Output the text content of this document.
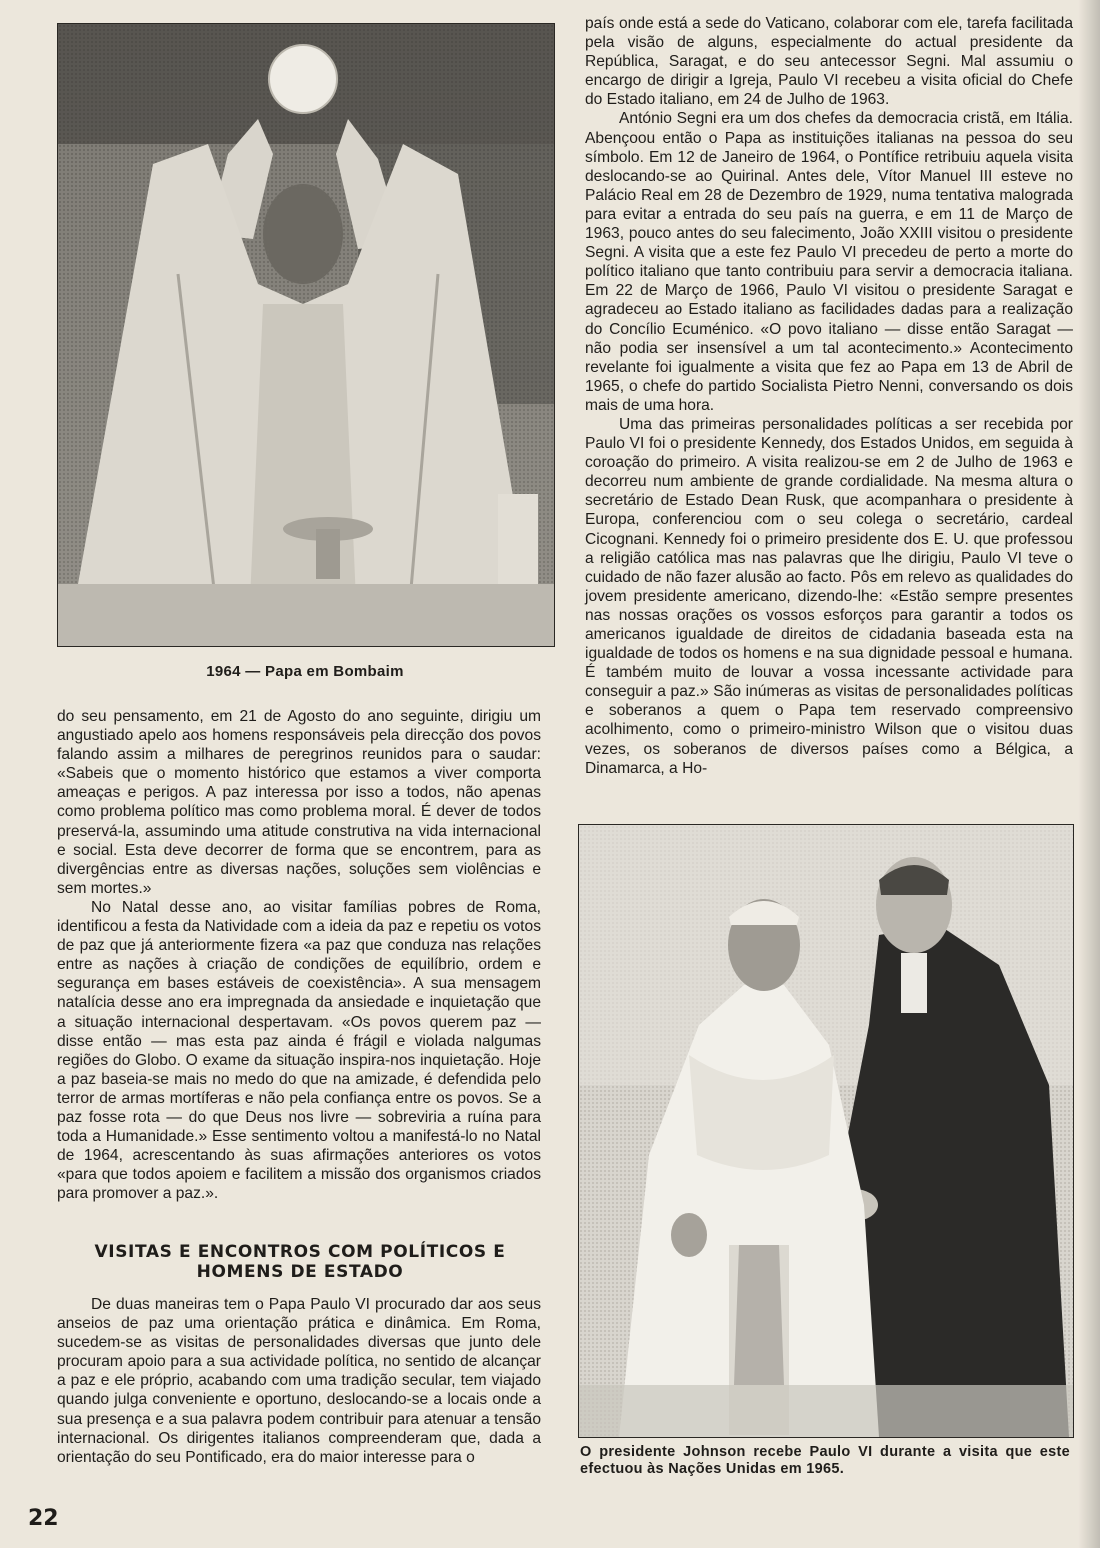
1964 — Papa em Bombaim

do seu pensamento, em 21 de Agosto do ano seguinte, dirigiu um angustiado apelo aos homens responsáveis pela direcção dos povos falando assim a milhares de peregrinos reunidos para o saudar: «Sabeis que o momento histórico que estamos a viver comporta ameaças e perigos. A paz interessa por isso a todos, não apenas como problema político mas como problema moral. É dever de todos preservá-la, assumindo uma atitude construtiva na vida internacional e social. Esta deve decorrer de forma que se encontrem, para as divergências entre as diversas nações, soluções sem violências e sem mortes.»

No Natal desse ano, ao visitar famílias pobres de Roma, identificou a festa da Natividade com a ideia da paz e repetiu os votos de paz que já anteriormente fizera «a paz que conduza nas relações entre as nações à criação de condições de equilíbrio, ordem e segurança em bases estáveis de coexistência». A sua mensagem natalícia desse ano era impregnada da ansiedade e inquietação que a situação internacional despertavam. «Os povos querem paz — disse então — mas esta paz ainda é frágil e violada nalgumas regiões do Globo. O exame da situação inspira-nos inquietação. Hoje a paz baseia-se mais no medo do que na amizade, é defendida pelo terror de armas mortíferas e não pela confiança entre os povos. Se a paz fosse rota — do que Deus nos livre — sobreviria a ruína para toda a Humanidade.» Esse sentimento voltou a manifestá-lo no Natal de 1964, acrescentando às suas afirmações anteriores os votos «para que todos apoiem e facilitem a missão dos organismos criados para promover a paz.».

VISITAS E ENCONTROS COM POLÍTICOS E HOMENS DE ESTADO

De duas maneiras tem o Papa Paulo VI procurado dar aos seus anseios de paz uma orientação prática e dinâmica. Em Roma, sucedem-se as visitas de personalidades diversas que junto dele procuram apoio para a sua actividade política, no sentido de alcançar a paz e ele próprio, acabando com uma tradição secular, tem viajado quando julga conveniente e oportuno, deslocando-se a locais onde a sua presença e a sua palavra podem contribuir para atenuar a tensão internacional. Os dirigentes italianos compreenderam que, dada a orientação do seu Pontificado, era do maior interesse para o

22

país onde está a sede do Vaticano, colaborar com ele, tarefa facilitada pela visão de alguns, especialmente do actual presidente da República, Saragat, e do seu antecessor Segni. Mal assumiu o encargo de dirigir a Igreja, Paulo VI recebeu a visita oficial do Chefe do Estado italiano, em 24 de Julho de 1963.

António Segni era um dos chefes da democracia cristã, em Itália. Abençoou então o Papa as instituições italianas na pessoa do seu símbolo. Em 12 de Janeiro de 1964, o Pontífice retribuiu aquela visita deslocando-se ao Quirinal. Antes dele, Vítor Manuel III esteve no Palácio Real em 28 de Dezembro de 1929, numa tentativa malograda para evitar a entrada do seu país na guerra, e em 11 de Março de 1963, pouco antes do seu falecimento, João XXIII visitou o presidente Segni. A visita que a este fez Paulo VI precedeu de perto a morte do político italiano que tanto contribuiu para servir a democracia italiana. Em 22 de Março de 1966, Paulo VI visitou o presidente Saragat e agradeceu ao Estado italiano as facilidades dadas para a realização do Concílio Ecuménico. «O povo italiano — disse então Saragat — não podia ser insensível a um tal acontecimento.» Acontecimento revelante foi igualmente a visita que fez ao Papa em 13 de Abril de 1965, o chefe do partido Socialista Pietro Nenni, conversando os dois mais de uma hora.

Uma das primeiras personalidades políticas a ser recebida por Paulo VI foi o presidente Kennedy, dos Estados Unidos, em seguida à coroação do primeiro. A visita realizou-se em 2 de Julho de 1963 e decorreu num ambiente de grande cordialidade. Na mesma altura o secretário de Estado Dean Rusk, que acompanhara o presidente à Europa, conferenciou com o seu colega o secretário, cardeal Cicognani. Kennedy foi o primeiro presidente dos E. U. que professou a religião católica mas nas palavras que lhe dirigiu, Paulo VI teve o cuidado de não fazer alusão ao facto. Pôs em relevo as qualidades do jovem presidente americano, dizendo-lhe: «Estão sempre presentes nas nossas orações os vossos esforços para garantir a todos os americanos igualdade de direitos de cidadania baseada esta na igualdade de todos os homens e na sua dignidade pessoal e humana. É também muito de louvar a vossa incessante actividade para conseguir a paz.» São inúmeras as visitas de personalidades políticas e soberanos a quem o Papa tem reservado compreensivo acolhimento, como o primeiro-ministro Wilson que o visitou duas vezes, os soberanos de diversos países como a Bélgica, a Dinamarca, a Ho-

O presidente Johnson recebe Paulo VI durante a visita que este efectuou às Nações Unidas em 1965.
